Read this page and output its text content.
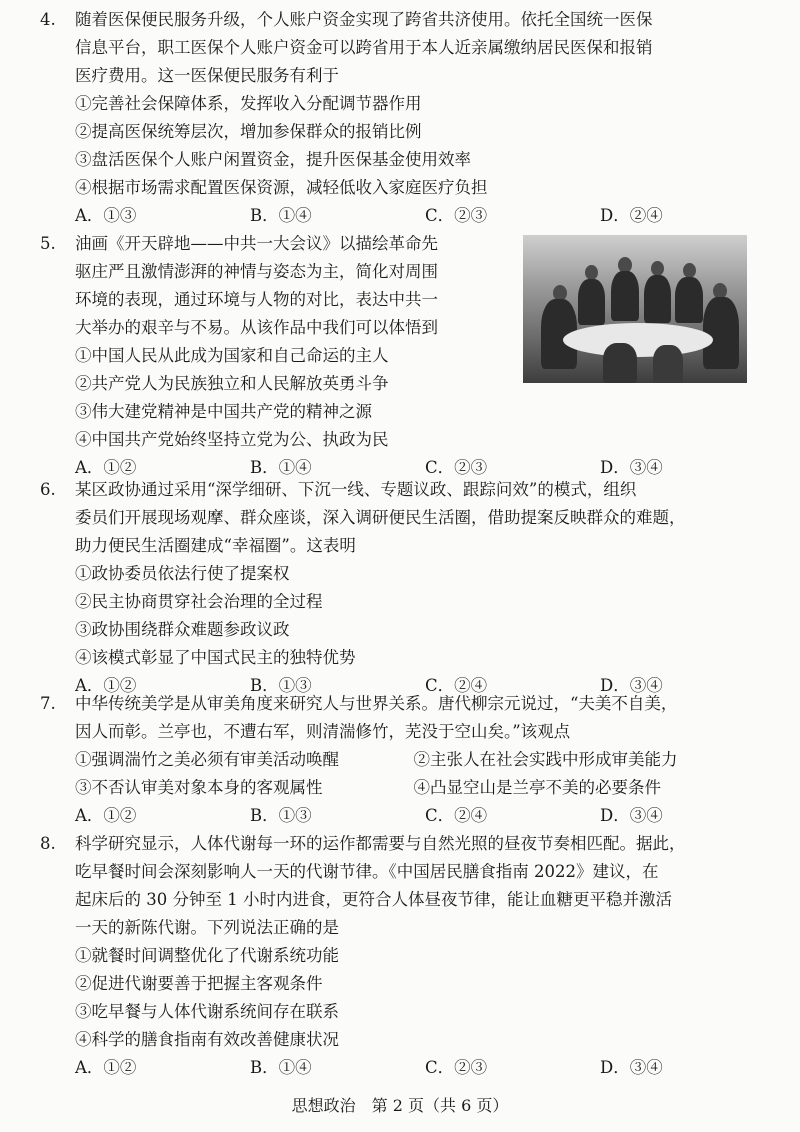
4. 随着医保便民服务升级，个人账户资金实现了跨省共济使用。依托全国统一医保
信息平台，职工医保个人账户资金可以跨省用于本人近亲属缴纳居民医保和报销
医疗费用。这一医保便民服务有利于
①完善社会保障体系，发挥收入分配调节器作用
②提高医保统筹层次，增加参保群众的报销比例
③盘活医保个人账户闲置资金，提升医保基金使用效率
④根据市场需求配置医保资源，减轻低收入家庭医疗负担
A．①③	B．①④	C．②③	D．②④
5. 油画《开天辟地——中共一大会议》以描绘革命先
驱庄严且激情澎湃的神情与姿态为主，简化对周围
环境的表现，通过环境与人物的对比，表达中共一
大举办的艰辛与不易。从该作品中我们可以体悟到
①中国人民从此成为国家和自己命运的主人
②共产党人为民族独立和人民解放英勇斗争
③伟大建党精神是中国共产党的精神之源
④中国共产党始终坚持立党为公、执政为民
A．①②	B．①④	C．②③	D．③④
6. 某区政协通过采用“深学细研、下沉一线、专题议政、跟踪问效”的模式，组织
委员们开展现场观摩、群众座谈，深入调研便民生活圈，借助提案反映群众的难题，
助力便民生活圈建成“幸福圈”。这表明
①政协委员依法行使了提案权
②民主协商贯穿社会治理的全过程
③政协围绕群众难题参政议政
④该模式彰显了中国式民主的独特优势
A．①②	B．①③	C．②④	D．③④
7. 中华传统美学是从审美角度来研究人与世界关系。唐代柳宗元说过，“夫美不自美，
因人而彰。兰亭也，不遭右军，则清湍修竹，芜没于空山矣。”该观点
①强调湍竹之美必须有审美活动唤醒	②主张人在社会实践中形成审美能力
③不否认审美对象本身的客观属性	④凸显空山是兰亭不美的必要条件
A．①②	B．①③	C．②④	D．③④
8. 科学研究显示，人体代谢每一环的运作都需要与自然光照的昼夜节奏相匹配。据此，
吃早餐时间会深刻影响人一天的代谢节律。《中国居民膳食指南 2022》建议，在
起床后的 30 分钟至 1 小时内进食，更符合人体昼夜节律，能让血糖更平稳并激活
一天的新陈代谢。下列说法正确的是
①就餐时间调整优化了代谢系统功能
②促进代谢要善于把握主客观条件
③吃早餐与人体代谢系统间存在联系
④科学的膳食指南有效改善健康状况
A．①②	B．①④	C．②③	D．③④
思想政治　第 2 页（共 6 页）
